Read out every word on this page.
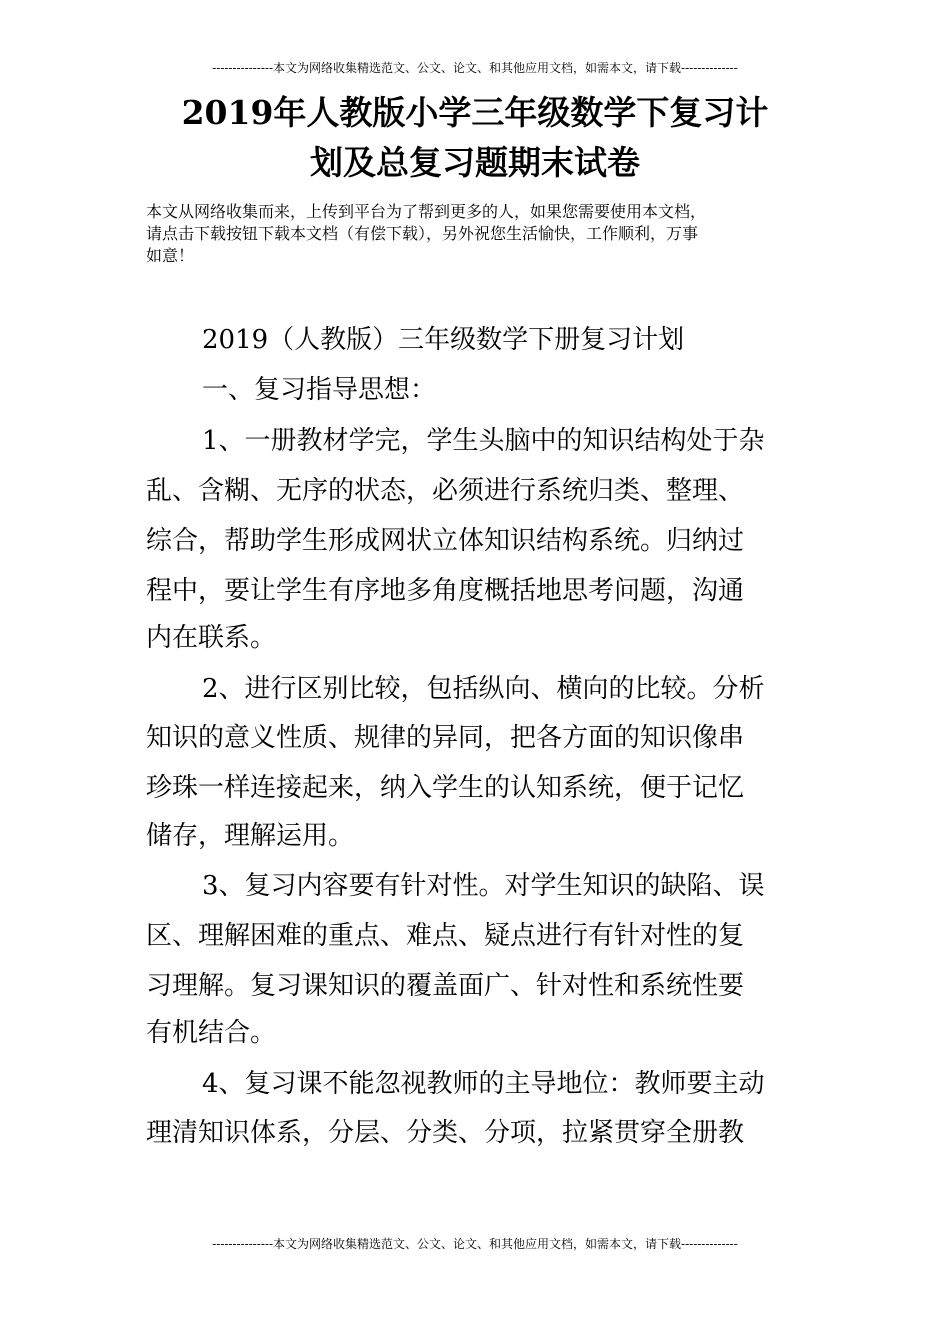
---------------本文为网络收集精选范文、公文、论文、和其他应用文档，如需本文，请下载--------------
2019年人教版小学三年级数学下复习计
划及总复习题期末试卷
本文从网络收集而来，上传到平台为了帮到更多的人，如果您需要使用本文档，
请点击下载按钮下载本文档（有偿下载），另外祝您生活愉快，工作顺利，万事
如意！
2019（人教版）三年级数学下册复习计划
一、复习指导思想：
1、一册教材学完，学生头脑中的知识结构处于杂
乱、含糊、无序的状态，必须进行系统归类、整理、
综合，帮助学生形成网状立体知识结构系统。归纳过
程中，要让学生有序地多角度概括地思考问题，沟通
内在联系。
2、进行区别比较，包括纵向、横向的比较。分析
知识的意义性质、规律的异同，把各方面的知识像串
珍珠一样连接起来，纳入学生的认知系统，便于记忆
储存，理解运用。
3、复习内容要有针对性。对学生知识的缺陷、误
区、理解困难的重点、难点、疑点进行有针对性的复
习理解。复习课知识的覆盖面广、针对性和系统性要
有机结合。
4、复习课不能忽视教师的主导地位：教师要主动
理清知识体系，分层、分类、分项，拉紧贯穿全册教
---------------本文为网络收集精选范文、公文、论文、和其他应用文档，如需本文，请下载--------------
